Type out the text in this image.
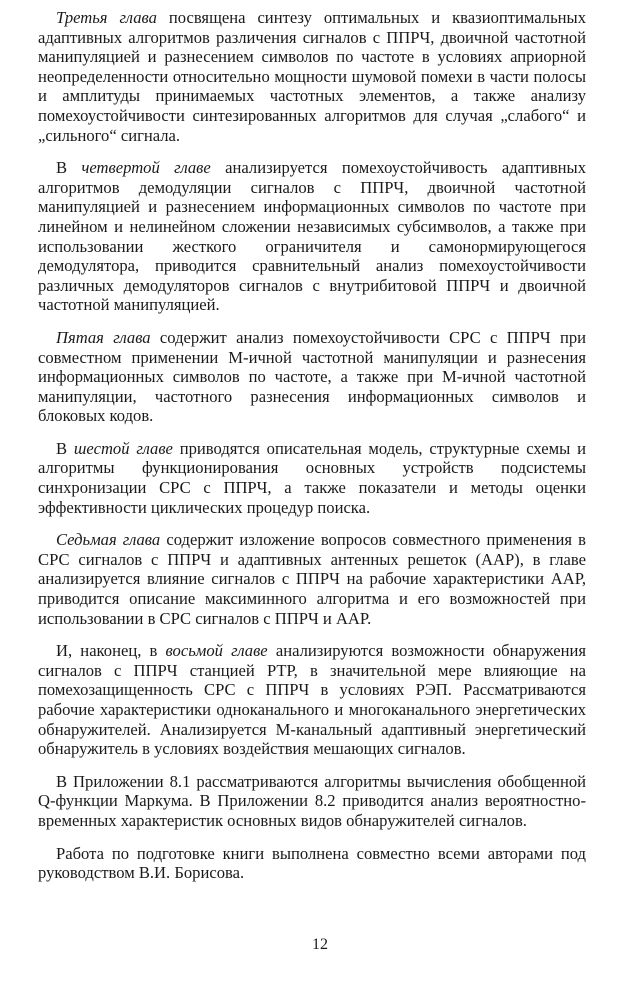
Третья глава посвящена синтезу оптимальных и квазиоптимальных адаптивных алгоритмов различения сигналов с ППРЧ, двоичной частотной манипуляцией и разнесением символов по частоте в условиях априорной неопределенности относительно мощности шумовой помехи в части полосы и амплитуды принимаемых частотных элементов, а также анализу помехоустойчивости синтезированных алгоритмов для случая „слабого“ и „сильного“ сигнала.

В четвертой главе анализируется помехоустойчивость адаптивных алгоритмов демодуляции сигналов с ППРЧ, двоичной частотной манипуляцией и разнесением информационных символов по частоте при линейном и нелинейном сложении независимых субсимволов, а также при использовании жесткого ограничителя и самонормирующегося демодулятора, приводится сравнительный анализ помехоустойчивости различных демодуляторов сигналов с внутрибитовой ППРЧ и двоичной частотной манипуляцией.

Пятая глава содержит анализ помехоустойчивости СРС с ППРЧ при совместном применении M-ичной частотной манипуляции и разнесения информационных символов по частоте, а также при M-ичной частотной манипуляции, частотного разнесения информационных символов и блоковых кодов.

В шестой главе приводятся описательная модель, структурные схемы и алгоритмы функционирования основных устройств подсистемы синхронизации СРС с ППРЧ, а также показатели и методы оценки эффективности циклических процедур поиска.

Седьмая глава содержит изложение вопросов совместного применения в СРС сигналов с ППРЧ и адаптивных антенных решеток (ААР), в главе анализируется влияние сигналов с ППРЧ на рабочие характеристики ААР, приводится описание максиминного алгоритма и его возможностей при использовании в СРС сигналов с ППРЧ и ААР.

И, наконец, в восьмой главе анализируются возможности обнаружения сигналов с ППРЧ станцией РТР, в значительной мере влияющие на помехозащищенность СРС с ППРЧ в условиях РЭП. Рассматриваются рабочие характеристики одноканального и многоканального энергетических обнаружителей. Анализируется M-канальный адаптивный энергетический обнаружитель в условиях воздействия мешающих сигналов.

В Приложении 8.1 рассматриваются алгоритмы вычисления обобщенной Q-функции Маркума. В Приложении 8.2 приводится анализ вероятностно-временных характеристик основных видов обнаружителей сигналов.

Работа по подготовке книги выполнена совместно всеми авторами под руководством В.И. Борисова.

12
